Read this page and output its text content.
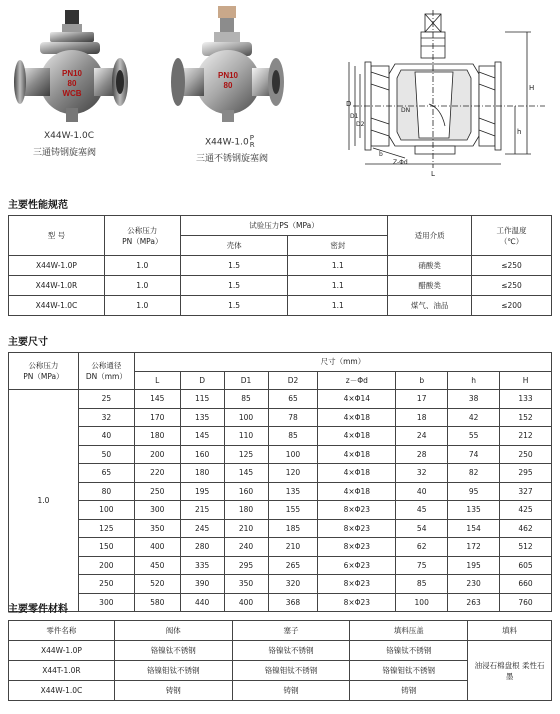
PN10
80
WCB
X44W-1.0C
三通铸钢旋塞阀
PN10
80
X44W-1.0 P
R
三通不锈钢旋塞阀
D
D1
D2
L
H
h
Z-Φd
DN
b
主要性能规范
型 号	公称压力
PN（MPa）	试验压力PS（MPa）		适用介质	工作温度
（℃）
		壳体	密封		
X44W-1.0P	1.0	1.5	1.1	硝酸类	≤250
X44W-1.0R	1.0	1.5	1.1	醋酸类	≤250
X44W-1.0C	1.0	1.5	1.1	煤气、油品	≤200
主要尺寸
公称压力
PN（MPa）	公称通径
DN（mm）	尺寸（mm）							
		L	D	D1	D2	z－Φd	b	h	H
1.0	25	145	115	85	65	4×Φ14	17	38	133
	32	170	135	100	78	4×Φ18	18	42	152
	40	180	145	110	85	4×Φ18	24	55	212
	50	200	160	125	100	4×Φ18	28	74	250
	65	220	180	145	120	4×Φ18	32	82	295
	80	250	195	160	135	4×Φ18	40	95	327
	100	300	215	180	155	8×Φ23	45	135	425
	125	350	245	210	185	8×Φ23	54	154	462
	150	400	280	240	210	8×Φ23	62	172	512
	200	450	335	295	265	6×Φ23	75	195	605
	250	520	390	350	320	8×Φ23	85	230	660
	300	580	440	400	368	8×Φ23	100	263	760
主要零件材料
零件名称	阀体	塞子	填料压盖	填料
X44W-1.0P	铬镍钛不锈钢	铬镍钛不锈钢	铬镍钛不锈钢	油浸石棉盘根 柔性石墨
X44T-1.0R	铬镍钼钛不锈钢	铬镍钼钛不锈钢	铬镍钼钛不锈钢	
X44W-1.0C	铸钢	铸钢	铸钢	
